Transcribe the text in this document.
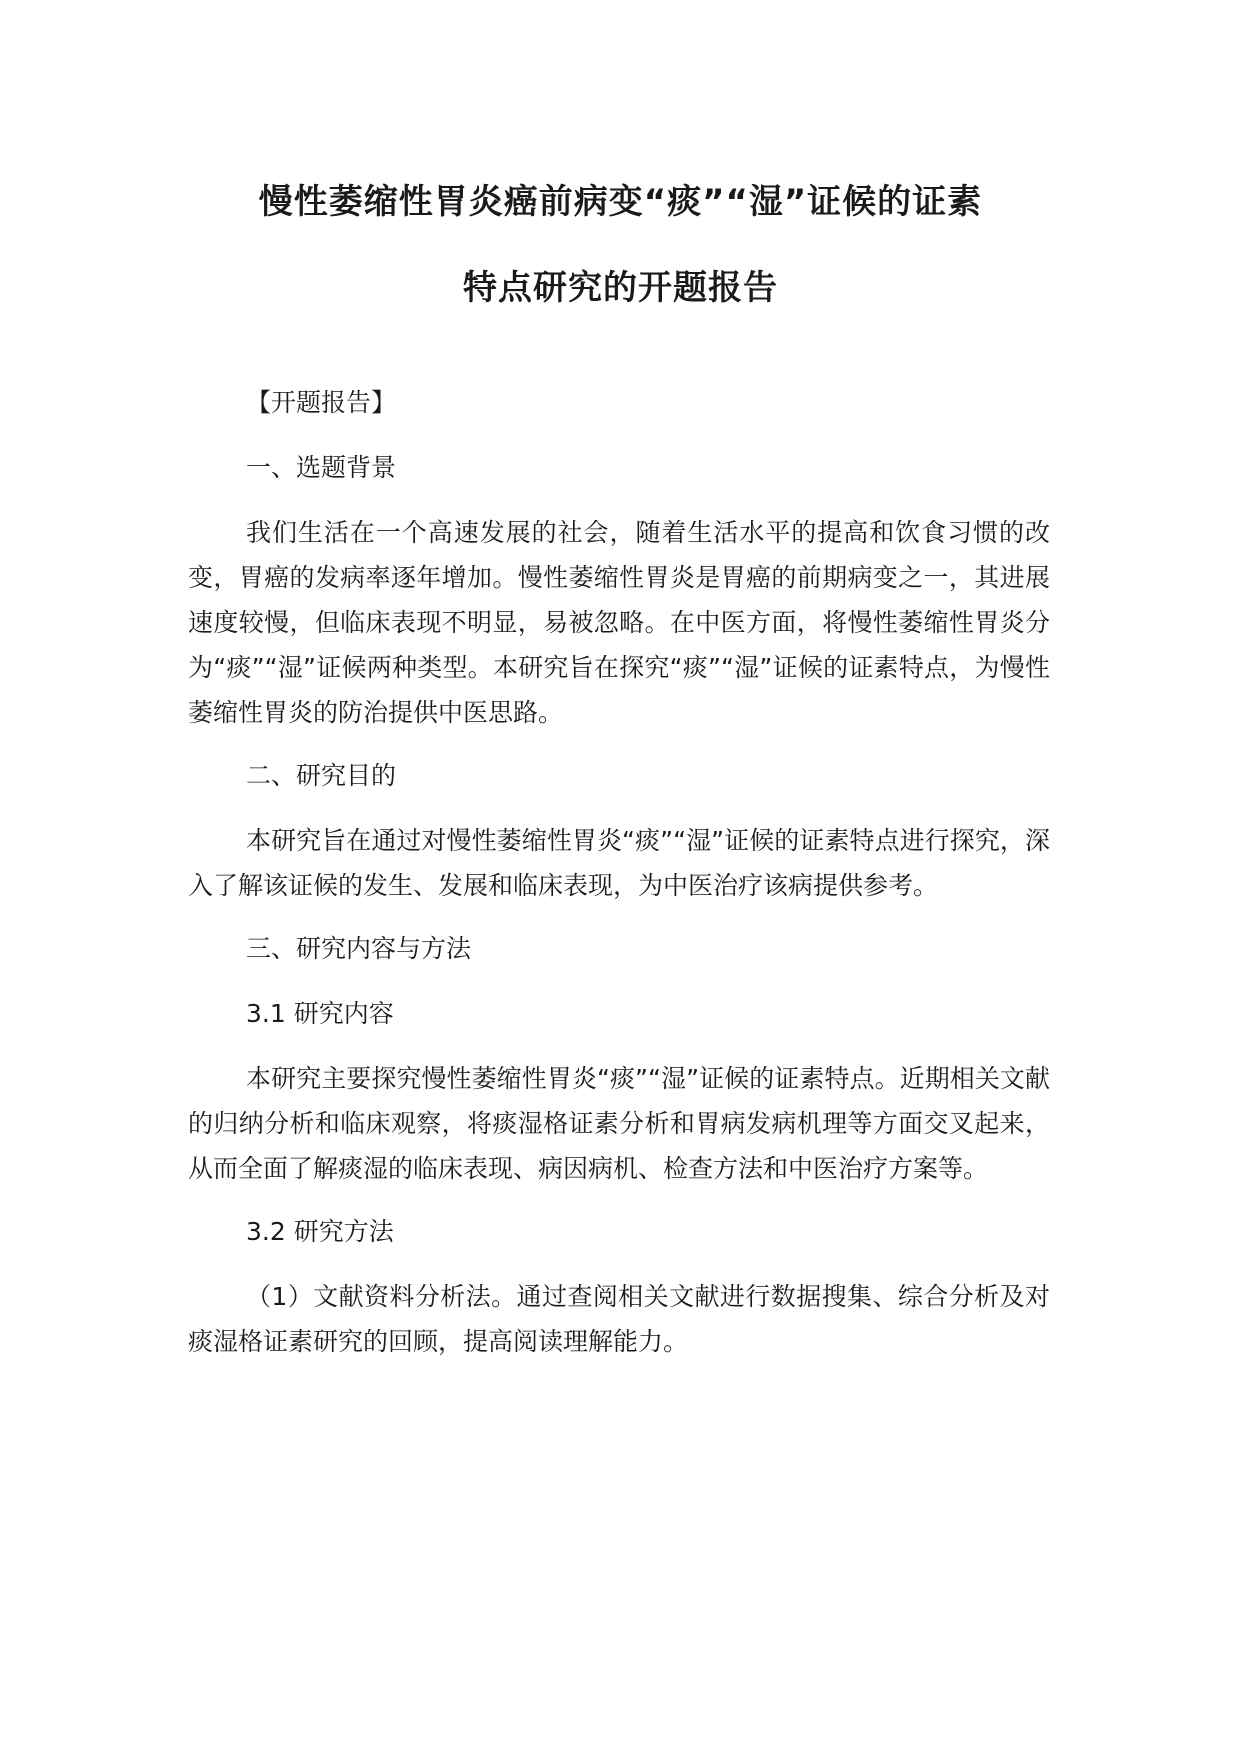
慢性萎缩性胃炎癌前病变“痰”“湿”证候的证素
特点研究的开题报告
【开题报告】
一、选题背景

我们生活在一个高速发展的社会，随着生活水平的提高和饮食习惯的改变，胃癌的发病率逐年增加。慢性萎缩性胃炎是胃癌的前期病变之一，其进展速度较慢，但临床表现不明显，易被忽略。在中医方面，将慢性萎缩性胃炎分为“痰”“湿”证候两种类型。本研究旨在探究“痰”“湿”证候的证素特点，为慢性萎缩性胃炎的防治提供中医思路。

二、研究目的

本研究旨在通过对慢性萎缩性胃炎“痰”“湿”证候的证素特点进行探究，深入了解该证候的发生、发展和临床表现，为中医治疗该病提供参考。

三、研究内容与方法
3.1 研究内容

本研究主要探究慢性萎缩性胃炎“痰”“湿”证候的证素特点。近期相关文献的归纳分析和临床观察，将痰湿格证素分析和胃病发病机理等方面交叉起来，从而全面了解痰湿的临床表现、病因病机、检查方法和中医治疗方案等。

3.2 研究方法

（1）文献资料分析法。通过查阅相关文献进行数据搜集、综合分析及对痰湿格证素研究的回顾，提高阅读理解能力。
